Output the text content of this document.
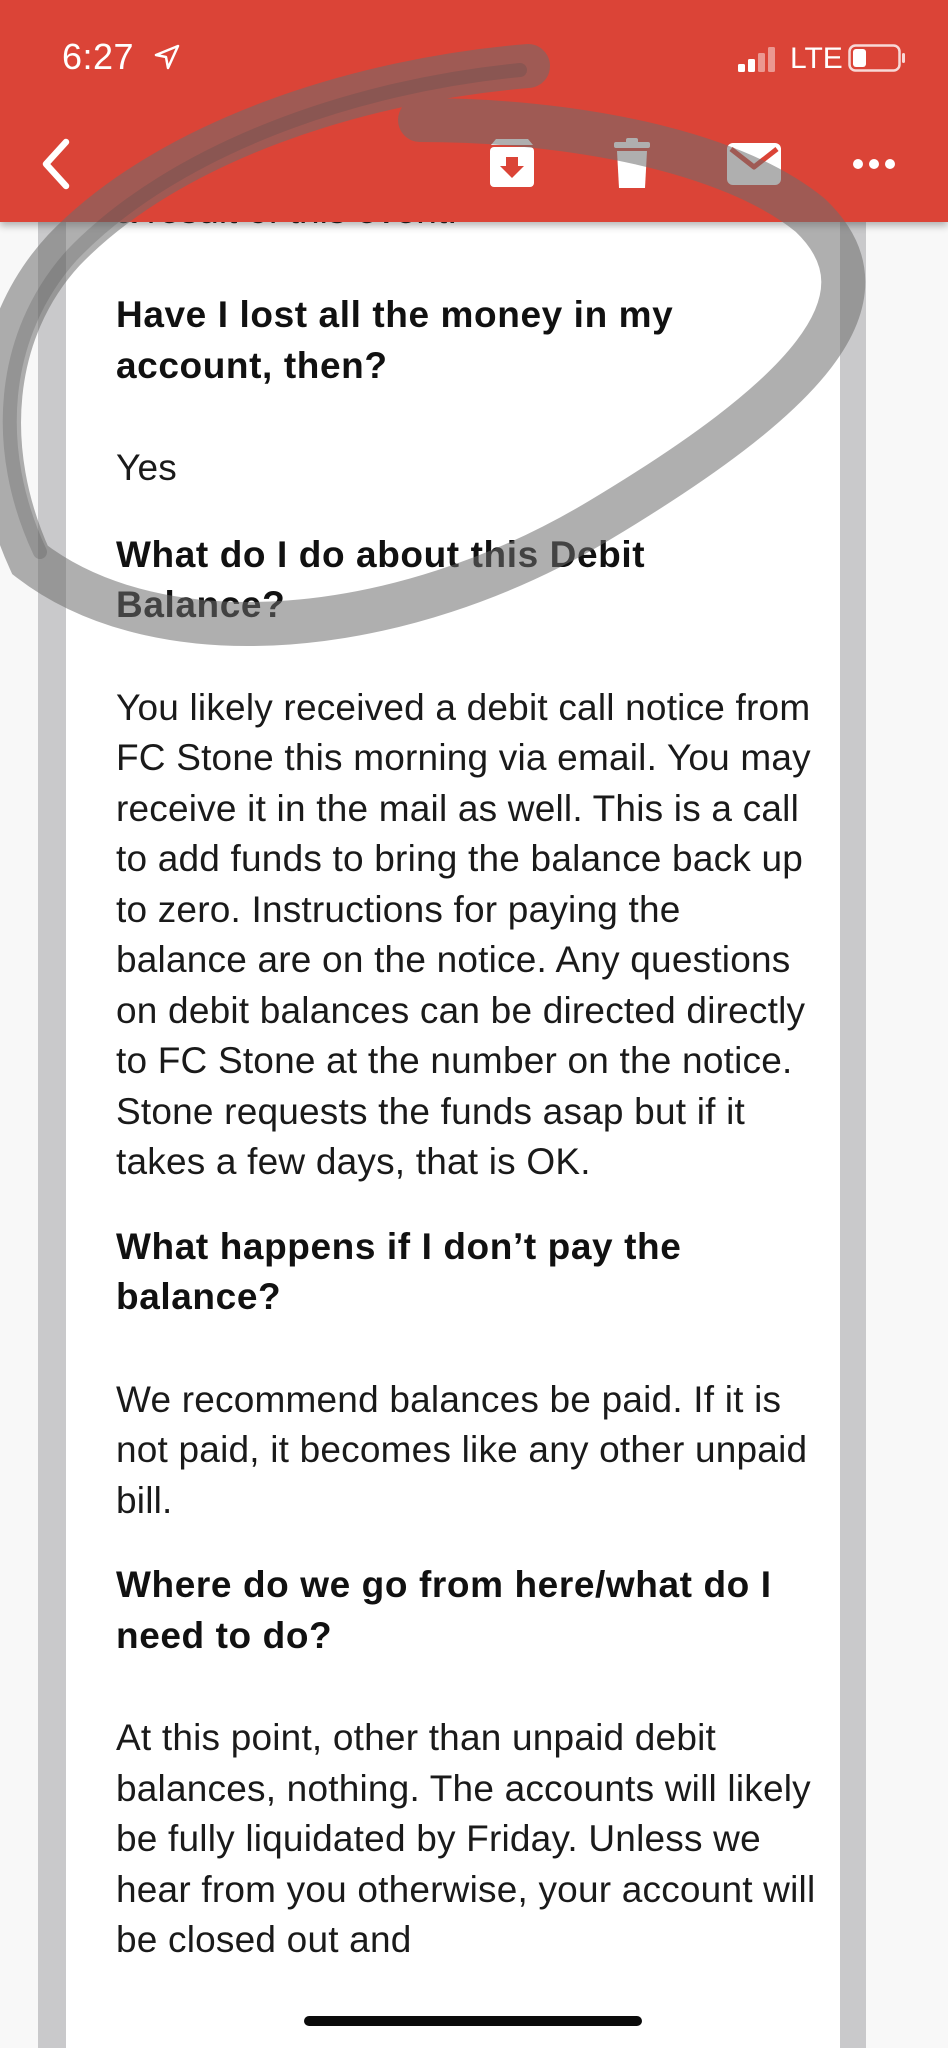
Have I lost all the money in my account, then?

Yes

What do I do about this Debit Balance?

You likely received a debit call notice from FC Stone this morning via email. You may receive it in the mail as well. This is a call to add funds to bring the balance back up to zero. Instructions for paying the balance are on the notice. Any questions on debit balances can be directed directly to FC Stone at the number on the notice. Stone requests the funds asap but if it takes a few days, that is OK.

What happens if I don’t pay the balance?

We recommend balances be paid. If it is not paid, it becomes like any other unpaid bill.

Where do we go from here/what do I need to do?

At this point, other than unpaid debit balances, nothing. The accounts will likely be fully liquidated by Friday. Unless we hear from you otherwise, your account will be closed out and

6:27	LTE
